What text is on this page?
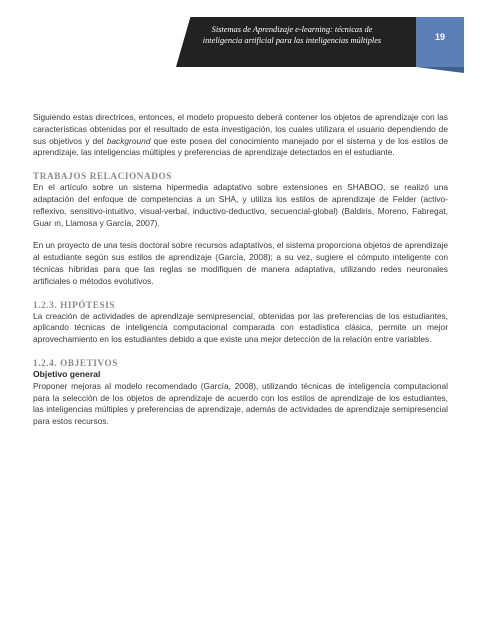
Sistemas de Aprendizaje e-learning: técnicas de
inteligencia artificial para las inteligencias múltiples	19

Siguiendo estas directrices, entonces, el modelo propuesto deberá contener los objetos de aprendizaje con las características obtenidas por el resultado de esta investigación, los cuales utilizara el usuario dependiendo de sus objetivos y del background que este posea del conocimiento manejado por el sistema y de los estilos de aprendizaje, las inteligencias múltiples y preferencias de aprendizaje detectados en el estudiante.

TRABAJOS RELACIONADOS

En el artículo sobre un sistema hipermedia adaptativo sobre extensiones en SHABOO, se realizó una adaptación del enfoque de competencias a un SHA, y utiliza los estilos de aprendizaje de Felder (activo-reflexivo, sensitivo-intuitivo, visual-verbal, inductivo-deductivo, secuencial-global) (Baldiris, Moreno, Fabregat, Guar ın, Llamosa y García, 2007).

En un proyecto de una tesis doctoral sobre recursos adaptativos, el sistema proporciona objetos de aprendizaje al estudiante según sus estilos de aprendizaje (García, 2008); a su vez, sugiere el cómputo inteligente con técnicas híbridas para que las reglas se modifiquen de manera adaptativa, utilizando redes neuronales artificiales o métodos evolutivos.

1.2.3. HIPÓTESIS

La creación de actividades de aprendizaje semipresencial, obtenidas por las preferencias de los estudiantes, aplicando técnicas de inteligencia computacional comparada con estadística clásica, permite un mejor aprovechamiento en los estudiantes debido a que existe una mejor detección de la relación entre variables.

1.2.4. OBJETIVOS
Objetivo general

Proponer mejoras al modelo recomendado (García, 2008), utilizando técnicas de inteligencia computacional para la selección de los objetos de aprendizaje de acuerdo con los estilos de aprendizaje de los estudiantes, las inteligencias múltiples y preferencias de aprendizaje, además de actividades de aprendizaje semipresencial para estos recursos.
